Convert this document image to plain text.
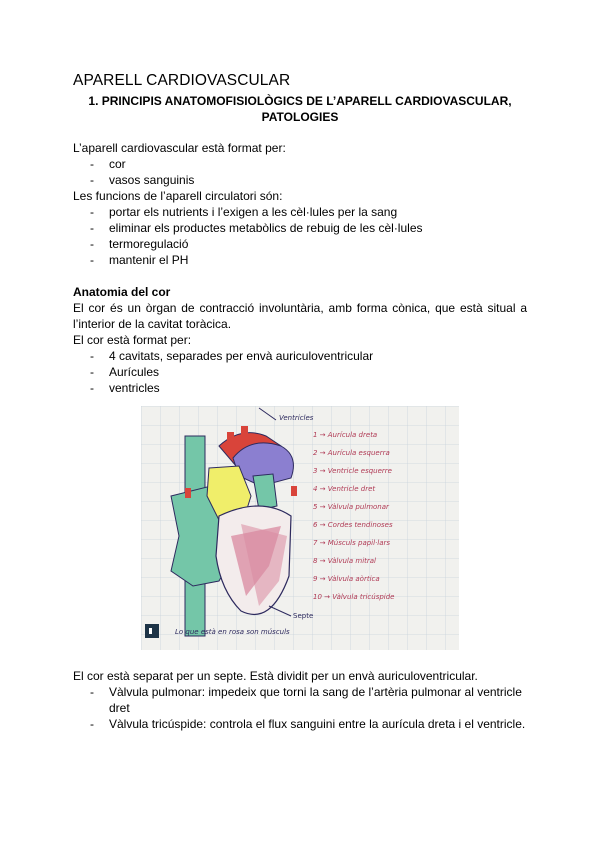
APARELL CARDIOVASCULAR
1. PRINCIPIS ANATOMOFISIOLÒGICS DE L’APARELL CARDIOVASCULAR,
PATOLOGIES
L’aparell cardiovascular està format per:
- cor
- vasos sanguinis
Les funcions de l’aparell circulatori són:
- portar els nutrients i l’exigen a les cèl·lules per la sang
- eliminar els productes metabòlics de rebuig de les cèl·lules
- termoregulació
- mantenir el PH
Anatomia del cor
El cor és un òrgan de contracció involuntària, amb forma cònica, que està situal a l’interior de la cavitat toràcica.
El cor està format per:
- 4 cavitats, separades per envà auriculoventricular
- Aurícules
- ventricles
Ventricles
Septe
1 → Aurícula dreta
2 → Aurícula esquerra
3 → Ventricle esquerre
4 → Ventricle dret
5 → Vàlvula pulmonar
6 → Cordes tendinoses
7 → Músculs papil·lars
8 → Vàlvula mitral
9 → Vàlvula aòrtica
10 → Vàlvula tricúspide
Lo que està en rosa son músculs
El cor està separat per un septe. Està dividit per un envà auriculoventricular.
- Vàlvula pulmonar: impedeix que torni la sang de l’artèria pulmonar al ventricle dret
- Vàlvula tricúspide: controla el flux sanguini entre la aurícula dreta i el ventricle.
